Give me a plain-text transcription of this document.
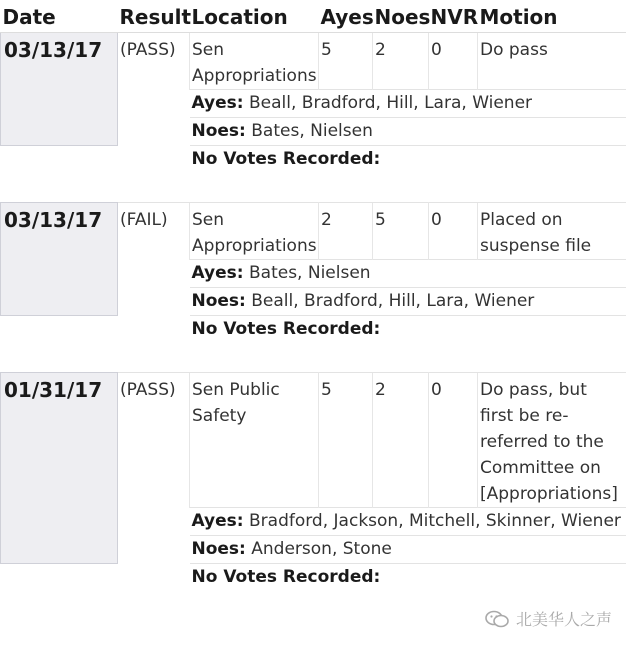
Date	Result	Location	Ayes	Noes	NVR	Motion
03/13/17	(PASS)	Sen Appropriations	5	2	0	Do pass
		Ayes: Beall, Bradford, Hill, Lara, Wiener				
		Noes: Bates, Nielsen				
		No Votes Recorded:				

03/13/17	(FAIL)	Sen Appropriations	2	5	0	Placed on suspense file
		Ayes: Bates, Nielsen				
		Noes: Beall, Bradford, Hill, Lara, Wiener				
		No Votes Recorded:				

01/31/17	(PASS)	Sen Public Safety	5	2	0	Do pass, but first be re-referred to the Committee on [Appropriations]
		Ayes: Bradford, Jackson, Mitchell, Skinner, Wiener				
		Noes: Anderson, Stone				
		No Votes Recorded:				
北美华人之声
